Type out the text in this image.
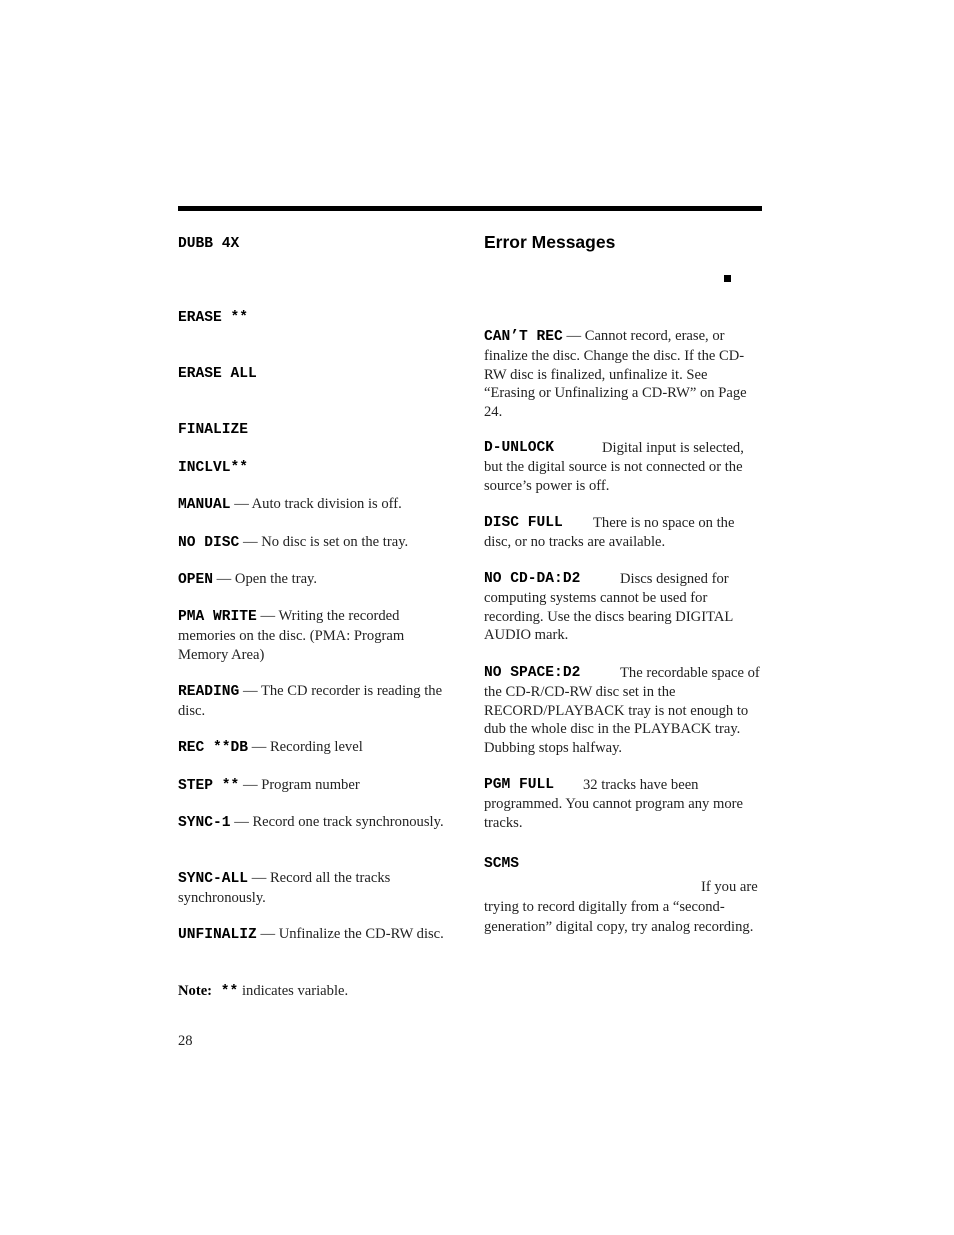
DUBB 4X
ERASE **
ERASE ALL
FINALIZE
INCLVL**
MANUAL — Auto track division is off.
NO DISC — No disc is set on the tray.
OPEN — Open the tray.
PMA WRITE — Writing the recorded memories on the disc. (PMA: Program Memory Area)
READING — The CD recorder is reading the disc.
REC **DB — Recording level
STEP ** — Program number
SYNC-1 — Record one track synchronously.
SYNC-ALL — Record all the tracks synchronously.
UNFINALIZ — Unfinalize the CD-RW disc.
Note: ** indicates variable.
Error Messages
CAN’T REC — Cannot record, erase, or finalize the disc. Change the disc. If the CD-RW disc is finalized, unfinalize it. See “Erasing or Unfinalizing a CD-RW” on Page 24.
D-UNLOCK	Digital input is selected, but the digital source is not connected or the source’s power is off.
DISC FULL There is no space on the disc, or no tracks are available.
NO CD-DA:D2	Discs designed for computing systems cannot be used for recording. Use the discs bearing DIGITAL AUDIO mark.
NO SPACE:D2	The recordable space of the CD-R/CD-RW disc set in the RECORD/PLAYBACK tray is not enough to dub the whole disc in the PLAYBACK tray. Dubbing stops halfway.
PGM FULL 32 tracks have been programmed. You cannot program any more tracks.
SCMS
If you are trying to record digitally from a “second-generation” digital copy, try analog recording.
28
